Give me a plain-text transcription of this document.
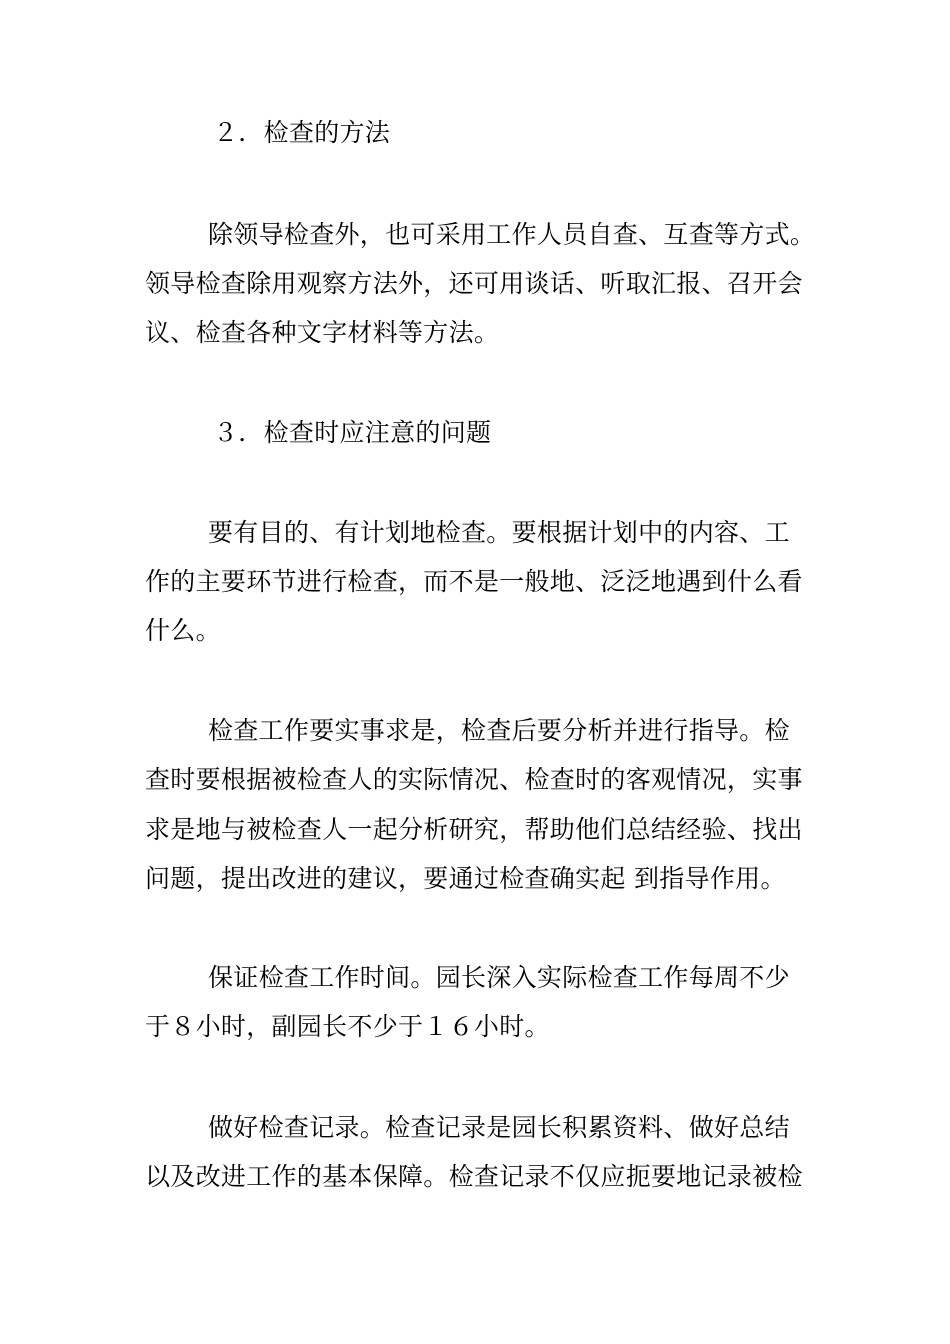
２．检查的方法
除领导检查外，也可采用工作人员自查、互查等方式。
领导检查除用观察方法外，还可用谈话、听取汇报、召开会
议、检查各种文字材料等方法。
３．检查时应注意的问题
要有目的、有计划地检查。要根据计划中的内容、工
作的主要环节进行检查，而不是一般地、泛泛地遇到什么看
什么。
检查工作要实事求是，检查后要分析并进行指导。检
查时要根据被检查人的实际情况、检查时的客观情况，实事
求是地与被检查人一起分析研究，帮助他们总结经验、找出
问题，提出改进的建议，要通过检查确实起 到指导作用。
保证检查工作时间。园长深入实际检查工作每周不少
于８小时，副园长不少于１６小时。
做好检查记录。检查记录是园长积累资料、做好总结
以及改进工作的基本保障。检查记录不仅应扼要地记录被检
